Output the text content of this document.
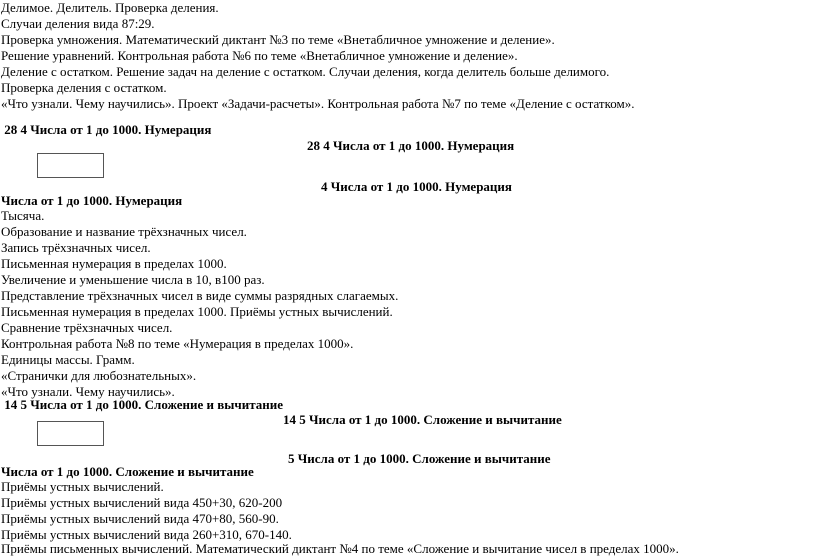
Делимое. Делитель. Проверка деления.
Случаи деления вида 87:29.
Проверка умножения. Математический диктант №3 по теме «Внетабличное умножение и деление».
Решение уравнений. Контрольная работа №6 по теме «Внетабличное умножение и деление».
Деление с остатком. Решение задач на деление с остатком. Случаи деления, когда делитель больше делимого.
Проверка деления с остатком.
«Что узнали. Чему научились». Проект «Задачи-расчеты». Контрольная работа №7 по теме «Деление с остатком».
28 4 Числа от 1 до 1000. Нумерация
28 4 Числа от 1 до 1000. Нумерация
4 Числа от 1 до 1000. Нумерация
Числа от 1 до 1000. Нумерация
Тысяча.
Образование и название трёхзначных чисел.
Запись трёхзначных чисел.
Письменная нумерация в пределах 1000.
Увеличение и уменьшение числа в 10, в100 раз.
Представление трёхзначных чисел в виде суммы разрядных слагаемых.
Письменная нумерация в пределах 1000. Приёмы устных вычислений.
Сравнение трёхзначных чисел.
Контрольная работа №8 по теме «Нумерация в пределах 1000».
Единицы массы. Грамм.
«Странички для любознательных».
«Что узнали. Чему научились».
14 5 Числа от 1 до 1000. Сложение и вычитание
14 5 Числа от 1 до 1000. Сложение и вычитание
5 Числа от 1 до 1000. Сложение и вычитание
Числа от 1 до 1000. Сложение и вычитание
Приёмы устных вычислений.
Приёмы устных вычислений вида 450+30, 620-200
Приёмы устных вычислений вида 470+80, 560-90.
Приёмы устных вычислений вида 260+310, 670-140.
Приёмы письменных вычислений. Математический диктант №4 по теме «Сложение и вычитание чисел в пределах 1000».
